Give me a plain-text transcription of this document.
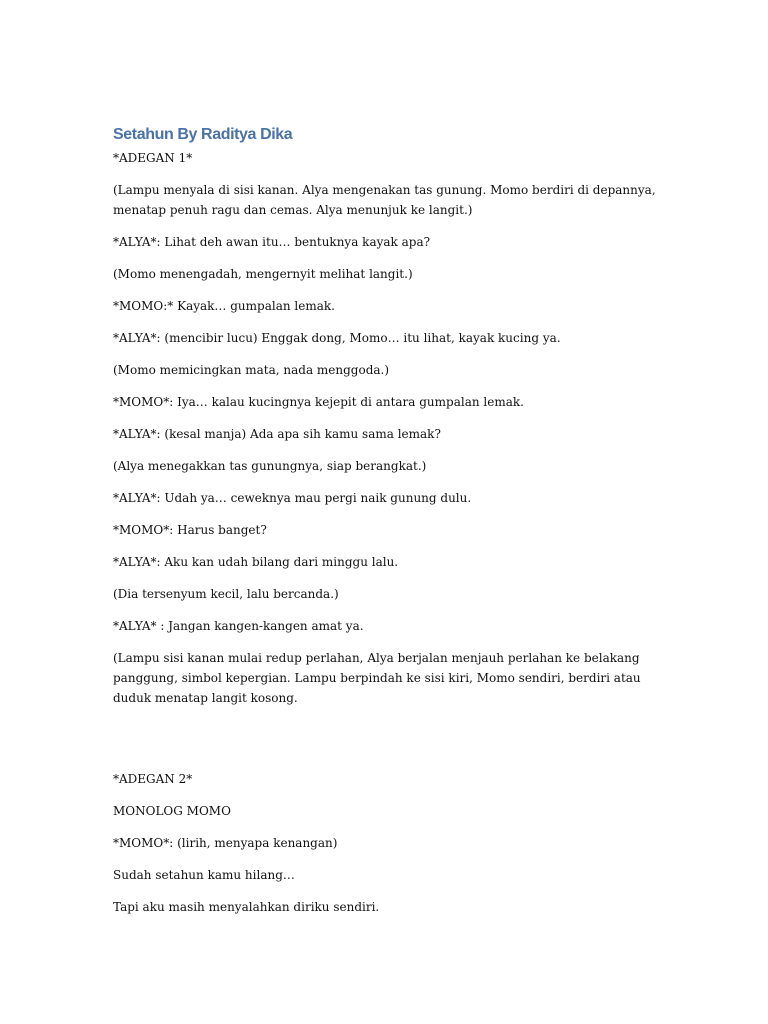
Setahun By Raditya Dika

*ADEGAN 1*

(Lampu menyala di sisi kanan. Alya mengenakan tas gunung. Momo berdiri di depannya,
menatap penuh ragu dan cemas. Alya menunjuk ke langit.)

*ALYA*: Lihat deh awan itu… bentuknya kayak apa?

(Momo menengadah, mengernyit melihat langit.)

*MOMO:* Kayak… gumpalan lemak.

*ALYA*: (mencibir lucu) Enggak dong, Momo… itu lihat, kayak kucing ya.

(Momo memicingkan mata, nada menggoda.)

*MOMO*: Iya… kalau kucingnya kejepit di antara gumpalan lemak.

*ALYA*: (kesal manja) Ada apa sih kamu sama lemak?

(Alya menegakkan tas gunungnya, siap berangkat.)

*ALYA*: Udah ya… ceweknya mau pergi naik gunung dulu.

*MOMO*: Harus banget?

*ALYA*: Aku kan udah bilang dari minggu lalu.

(Dia tersenyum kecil, lalu bercanda.)

*ALYA* : Jangan kangen-kangen amat ya.

(Lampu sisi kanan mulai redup perlahan, Alya berjalan menjauh perlahan ke belakang
panggung, simbol kepergian. Lampu berpindah ke sisi kiri, Momo sendiri, berdiri atau
duduk menatap langit kosong.

*ADEGAN 2*

MONOLOG MOMO

*MOMO*: (lirih, menyapa kenangan)

Sudah setahun kamu hilang…

Tapi aku masih menyalahkan diriku sendiri.
